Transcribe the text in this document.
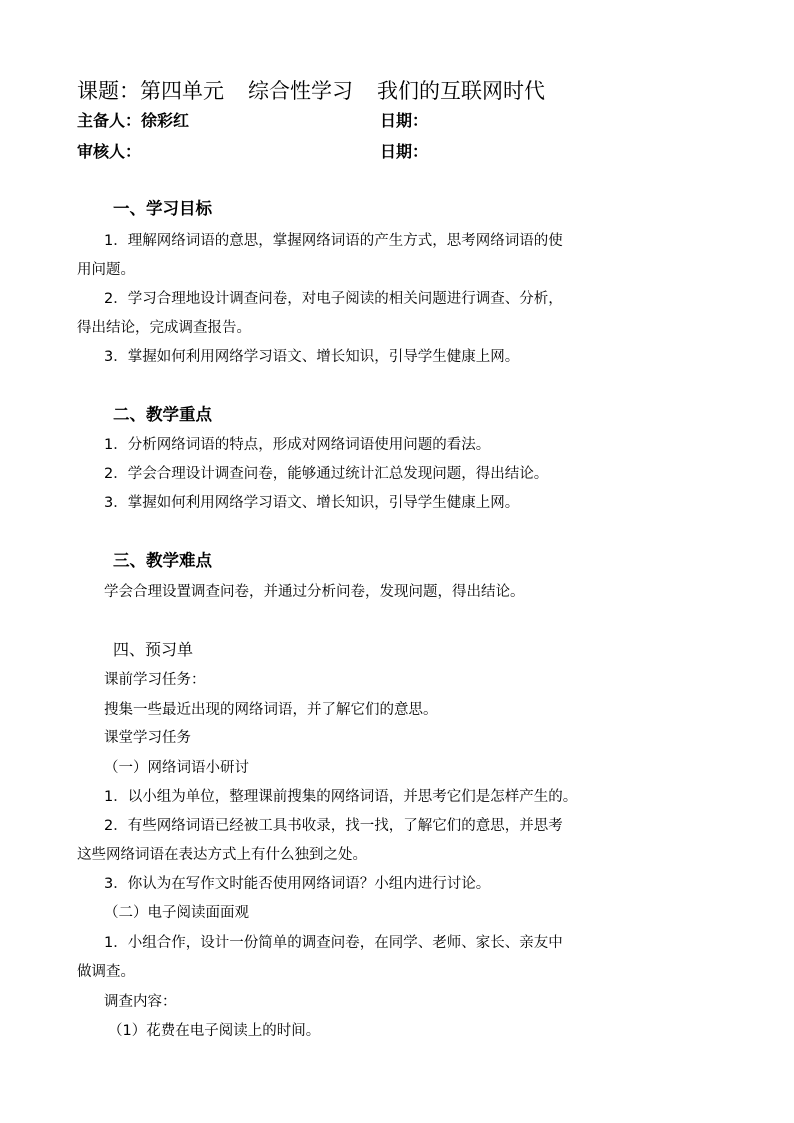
课题：第四单元 综合性学习 我们的互联网时代
主备人：徐彩红	日期：
审核人：	日期：
一、学习目标
1．理解网络词语的意思，掌握网络词语的产生方式，思考网络词语的使
用问题。
2．学习合理地设计调查问卷，对电子阅读的相关问题进行调查、分析，
得出结论，完成调查报告。
3．掌握如何利用网络学习语文、增长知识，引导学生健康上网。
二、教学重点
1．分析网络词语的特点，形成对网络词语使用问题的看法。
2．学会合理设计调查问卷，能够通过统计汇总发现问题，得出结论。
3．掌握如何利用网络学习语文、增长知识，引导学生健康上网。
三、教学难点
学会合理设置调查问卷，并通过分析问卷，发现问题，得出结论。
四、预习单
课前学习任务：
搜集一些最近出现的网络词语，并了解它们的意思。
课堂学习任务
（一）网络词语小研讨
1．以小组为单位，整理课前搜集的网络词语，并思考它们是怎样产生的。
2．有些网络词语已经被工具书收录，找一找，了解它们的意思，并思考
这些网络词语在表达方式上有什么独到之处。
3．你认为在写作文时能否使用网络词语？小组内进行讨论。
（二）电子阅读面面观
1．小组合作，设计一份简单的调查问卷，在同学、老师、家长、亲友中
做调查。
调查内容：
（1）花费在电子阅读上的时间。
